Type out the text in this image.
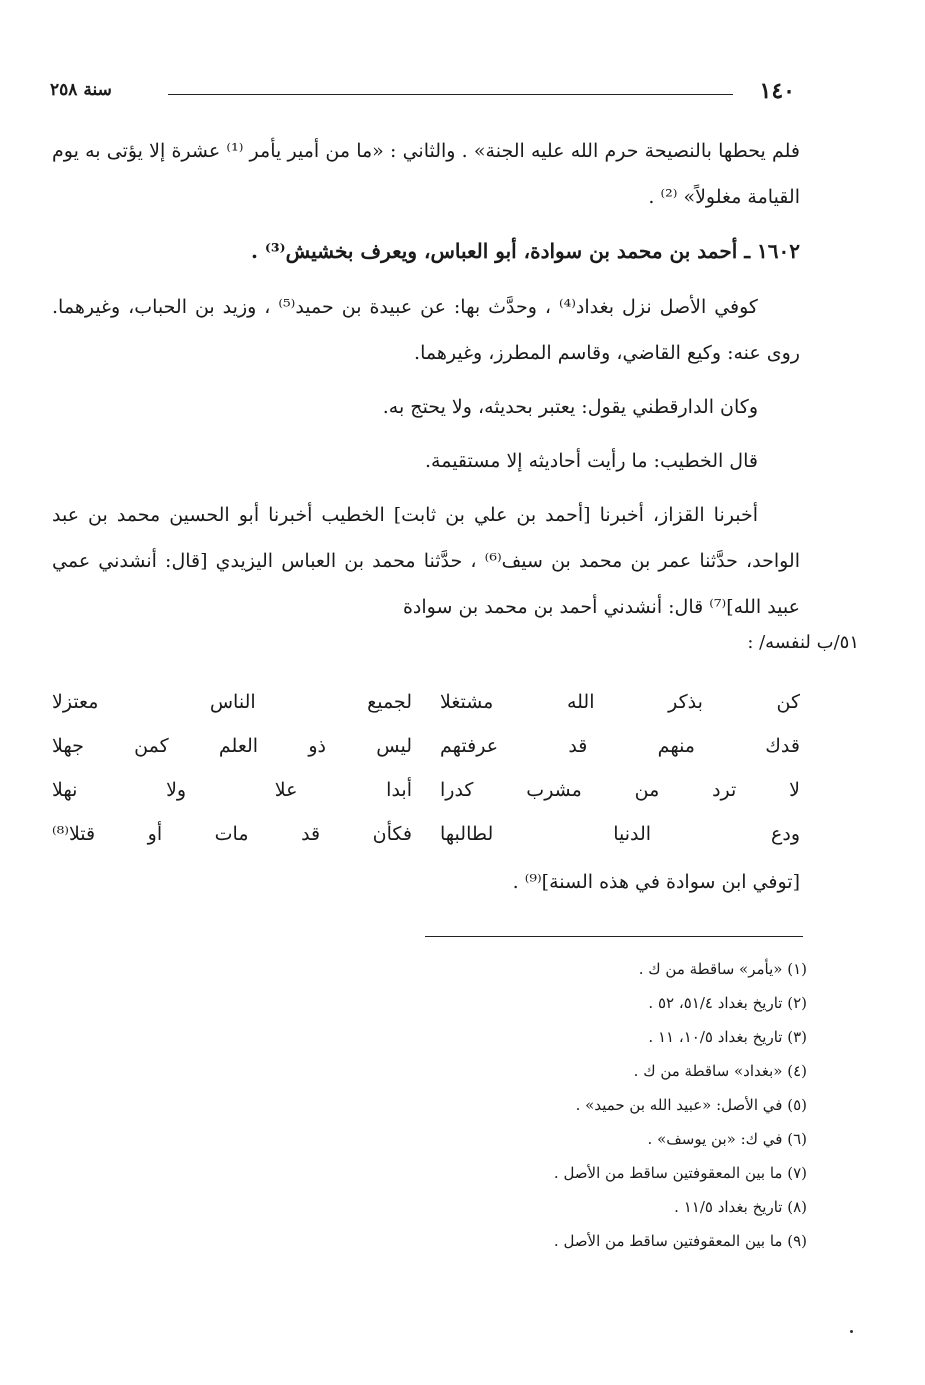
١٤٠
سنة ٢٥٨

فلم يحطها بالنصيحة حرم الله عليه الجنة» . والثاني : «ما من أمير يأمر ⁽¹⁾ عشرة إلا يؤتى به يوم القيامة مغلولاً» ⁽²⁾ .

١٦٠٢ ـ أحمد بن محمد بن سوادة، أبو العباس، ويعرف بخشيش⁽³⁾ .

كوفي الأصل نزل بغداد⁽⁴⁾ ، وحدَّث بها: عن عبيدة بن حميد⁽⁵⁾ ، وزيد بن الحباب، وغيرهما. روى عنه: وكيع القاضي، وقاسم المطرز، وغيرهما.

وكان الدارقطني يقول: يعتبر بحديثه، ولا يحتج به.

قال الخطيب: ما رأيت أحاديثه إلا مستقيمة.

أخبرنا القزاز، أخبرنا [أحمد بن علي بن ثابت] الخطيب أخبرنا أبو الحسين محمد بن عبد الواحد، حدَّثنا عمر بن محمد بن سيف⁽⁶⁾ ، حدَّثنا محمد بن العباس اليزيدي [قال: أنشدني عمي عبيد الله]⁽⁷⁾ قال: أنشدني أحمد بن محمد بن سوادة

٥١/ب لنفسه/ :
كن بذكر الله مشتغلا
لجميع الناس معتزلا
قدك منهم قد عرفتهم
ليس ذو العلم كمن جهلا
لا ترد من مشرب كدرا
أبدا علا ولا نهلا
ودع الدنيا لطالبها
فكأن قد مات أو قتلا⁽⁸⁾
[توفي ابن سوادة في هذه السنة]⁽⁹⁾ .
(١) «يأمر» ساقطة من ك .
(٢) تاريخ بغداد ٥١/٤، ٥٢ .
(٣) تاريخ بغداد ١٠/٥، ١١ .
(٤) «بغداد» ساقطة من ك .
(٥) في الأصل: «عبيد الله بن حميد» .
(٦) في ك: «بن يوسف» .
(٧) ما بين المعقوفتين ساقط من الأصل .
(٨) تاريخ بغداد ١١/٥ .
(٩) ما بين المعقوفتين ساقط من الأصل .
